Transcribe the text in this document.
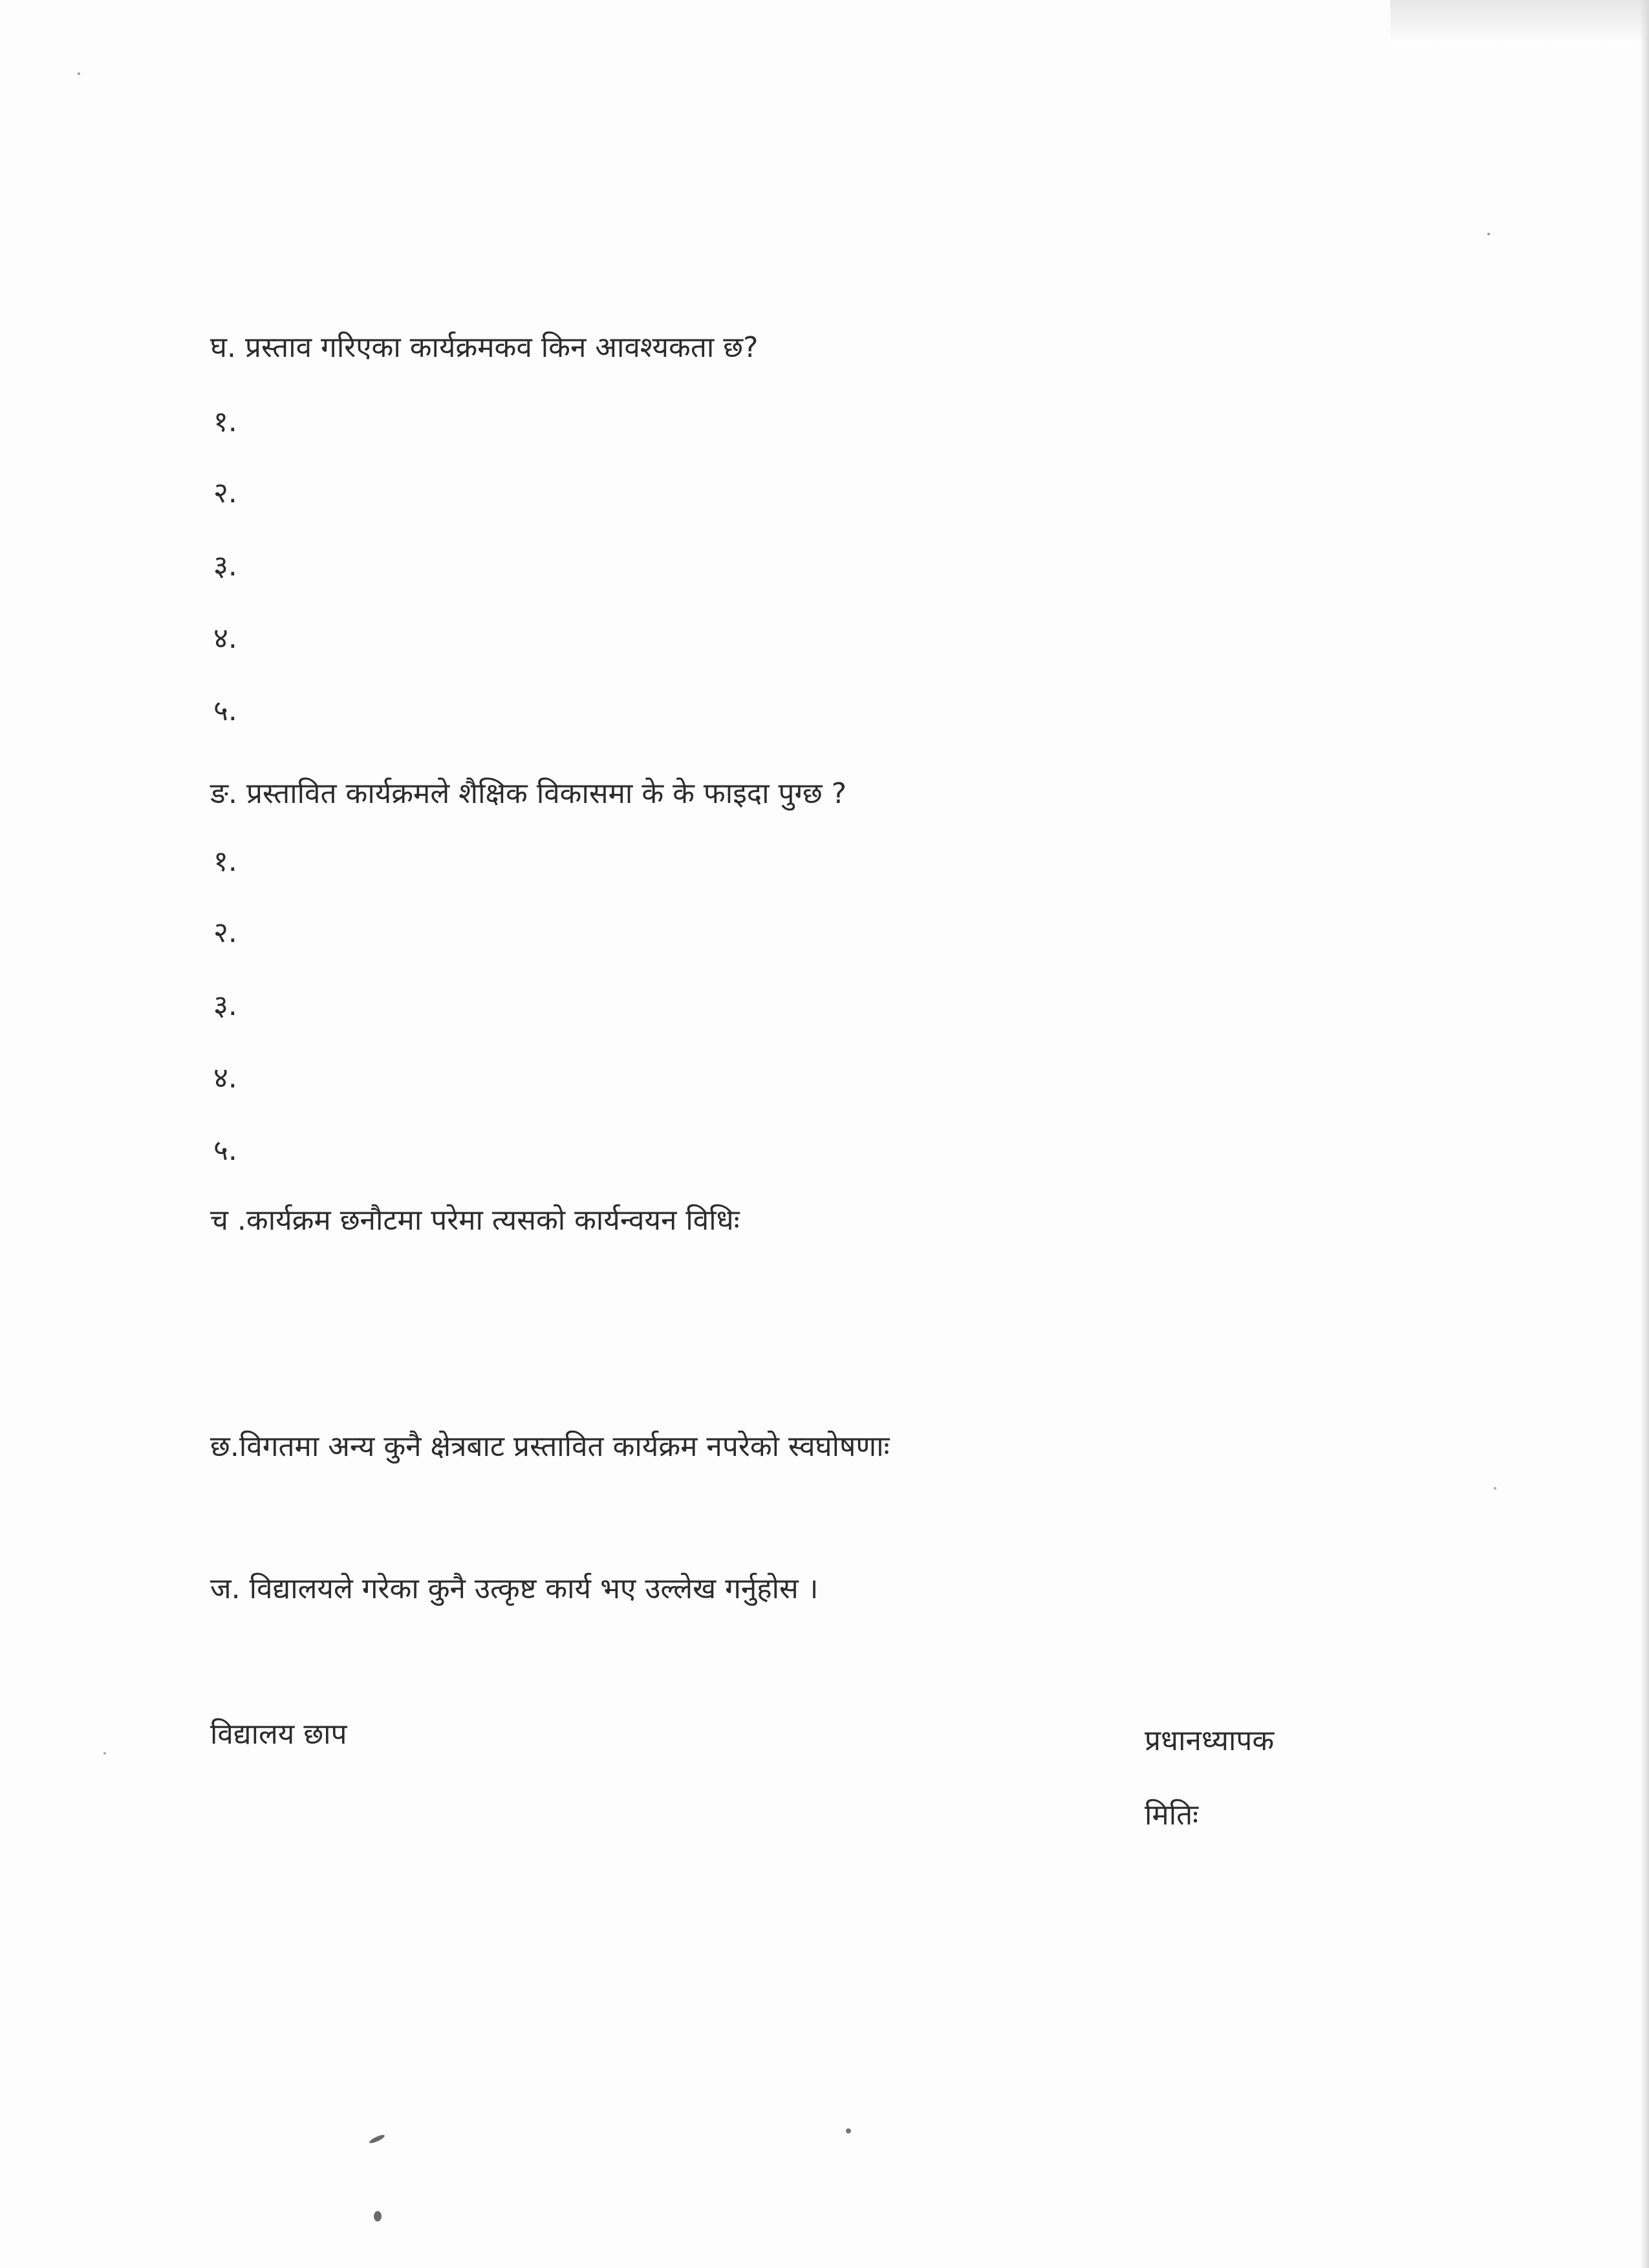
घ. प्रस्ताव गरिएका कार्यक्रमकव किन आवश्यकता छ?
१.
२.
३.
४.
५.
ङ. प्रस्तावित कार्यक्रमले शैक्षिक विकासमा के के फाइदा पुग्छ ?
१.
२.
३.
४.
५.
च .कार्यक्रम छनौटमा परेमा त्यसको कार्यन्वयन विधिः
छ.विगतमा अन्य कुनै क्षेत्रबाट प्रस्तावित कार्यक्रम नपरेको स्वघोषणाः
ज. विद्यालयले गरेका कुनै उत्कृष्ट कार्य भए उल्लेख गर्नुहोस ।
विद्यालय छाप	प्रधानध्यापक
मितिः
